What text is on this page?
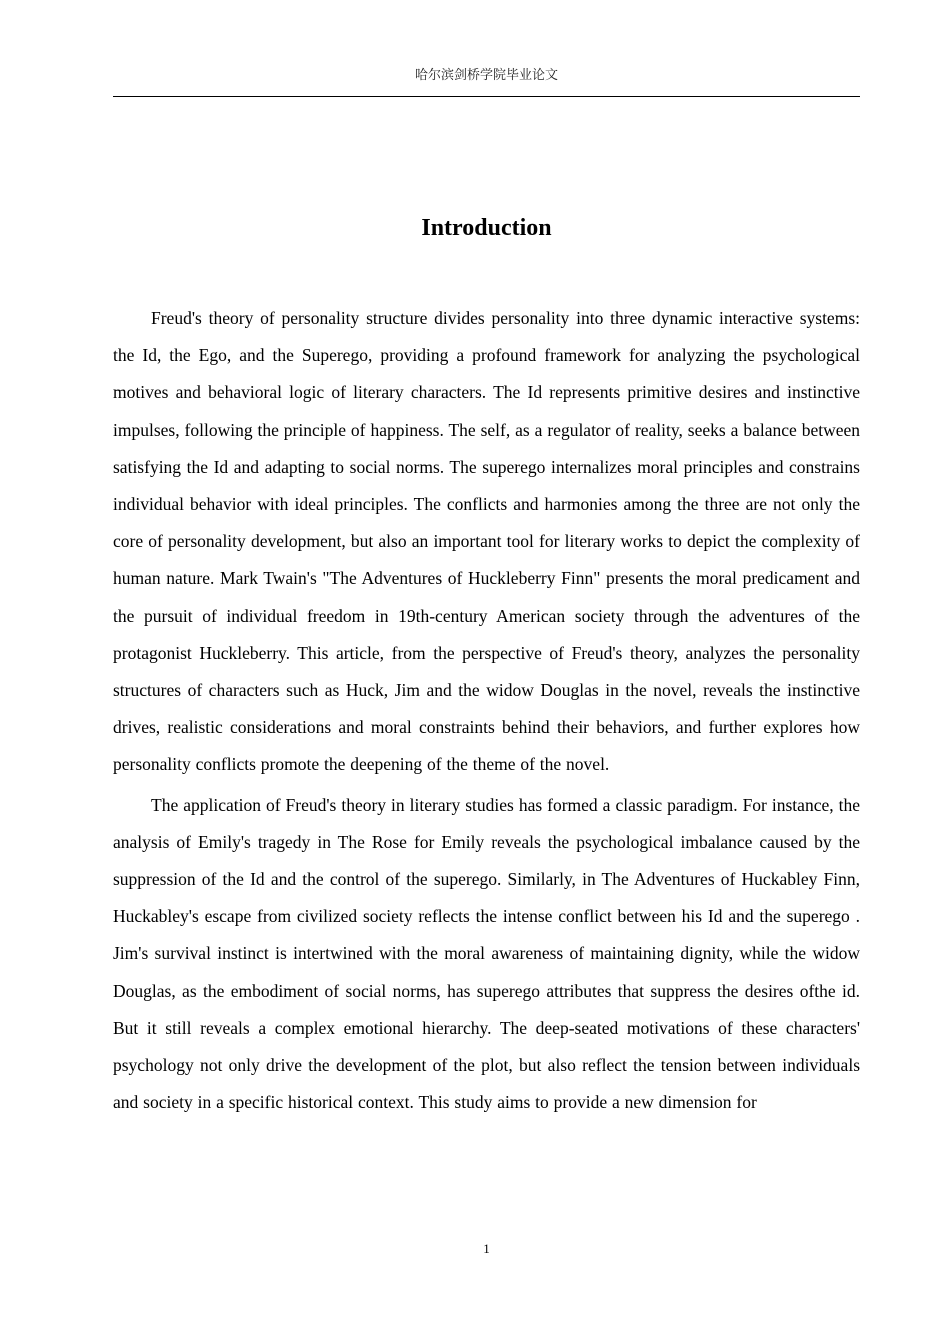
哈尔滨剑桥学院毕业论文
Introduction

Freud's theory of personality structure divides personality into three dynamic interactive systems: the Id, the Ego, and the Superego, providing a profound framework for analyzing the psychological motives and behavioral logic of literary characters. The Id represents primitive desires and instinctive impulses, following the principle of happiness. The self, as a regulator of reality, seeks a balance between satisfying the Id and adapting to social norms. The superego internalizes moral principles and constrains individual behavior with ideal principles. The conflicts and harmonies among the three are not only the core of personality development, but also an important tool for literary works to depict the complexity of human nature. Mark Twain's "The Adventures of Huckleberry Finn" presents the moral predicament and the pursuit of individual freedom in 19th-century American society through the adventures of the protagonist Huckleberry. This article, from the perspective of Freud's theory, analyzes the personality structures of characters such as Huck, Jim and the widow Douglas in the novel, reveals the instinctive drives, realistic considerations and moral constraints behind their behaviors, and further explores how personality conflicts promote the deepening of the theme of the novel.

The application of Freud's theory in literary studies has formed a classic paradigm. For instance, the analysis of Emily's tragedy in The Rose for Emily reveals the psychological imbalance caused by the suppression of the Id and the control of the superego. Similarly, in The Adventures of Huckabley Finn, Huckabley's escape from civilized society reflects the intense conflict between his Id and the superego . Jim's survival instinct is intertwined with the moral awareness of maintaining dignity, while the widow Douglas, as the embodiment of social norms, has superego attributes that suppress the desires ofthe id. But it still reveals a complex emotional hierarchy. The deep-seated motivations of these characters' psychology not only drive the development of the plot, but also reflect the tension between individuals and society in a specific historical context. This study aims to provide a new dimension for

1
